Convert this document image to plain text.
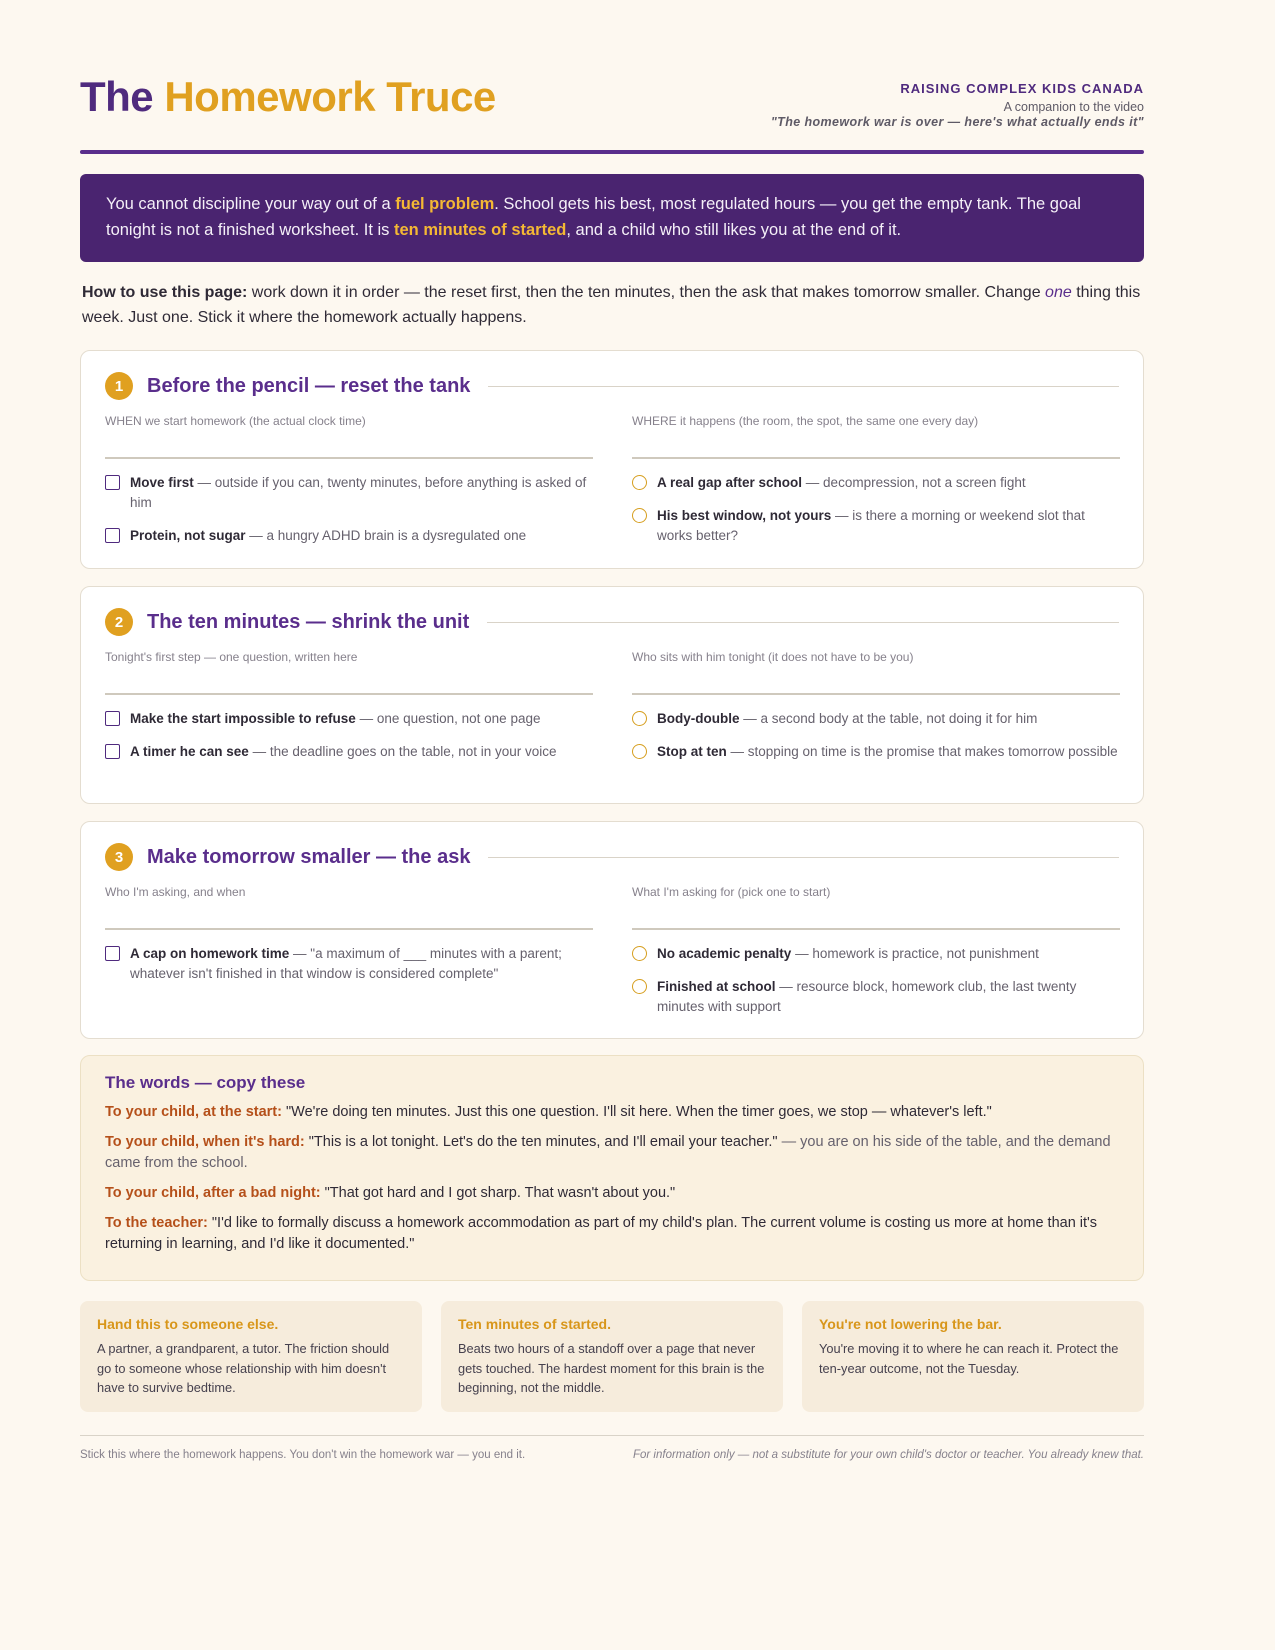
The Homework Truce	RAISING COMPLEX KIDS CANADA
A companion to the video
"The homework war is over — here's what actually ends it"
You cannot discipline your way out of a fuel problem. School gets his best, most regulated hours — you get the empty tank. The goal tonight is not a finished worksheet. It is ten minutes of started, and a child who still likes you at the end of it.
How to use this page: work down it in order — the reset first, then the ten minutes, then the ask that makes tomorrow smaller. Change one thing this week. Just one. Stick it where the homework actually happens.
1	Before the pencil — reset the tank
WHEN we start homework (the actual clock time)
Move first — outside if you can, twenty minutes, before anything is asked of him
Protein, not sugar — a hungry ADHD brain is a dysregulated one
WHERE it happens (the room, the spot, the same one every day)
A real gap after school — decompression, not a screen fight
His best window, not yours — is there a morning or weekend slot that works better?
2	The ten minutes — shrink the unit
Tonight's first step — one question, written here
Make the start impossible to refuse — one question, not one page
A timer he can see — the deadline goes on the table, not in your voice
Who sits with him tonight (it does not have to be you)
Body-double — a second body at the table, not doing it for him
Stop at ten — stopping on time is the promise that makes tomorrow possible
3	Make tomorrow smaller — the ask
Who I'm asking, and when
A cap on homework time — "a maximum of ___ minutes with a parent; whatever isn't finished in that window is considered complete"
What I'm asking for (pick one to start)
No academic penalty — homework is practice, not punishment
Finished at school — resource block, homework club, the last twenty minutes with support
The words — copy these

To your child, at the start: "We're doing ten minutes. Just this one question. I'll sit here. When the timer goes, we stop — whatever's left."

To your child, when it's hard: "This is a lot tonight. Let's do the ten minutes, and I'll email your teacher." — you are on his side of the table, and the demand came from the school.

To your child, after a bad night: "That got hard and I got sharp. That wasn't about you."

To the teacher: "I'd like to formally discuss a homework accommodation as part of my child's plan. The current volume is costing us more at home than it's returning in learning, and I'd like it documented."

Hand this to someone else.

A partner, a grandparent, a tutor. The friction should go to someone whose relationship with him doesn't have to survive bedtime.

Ten minutes of started.

Beats two hours of a standoff over a page that never gets touched. The hardest moment for this brain is the beginning, not the middle.

You're not lowering the bar.

You're moving it to where he can reach it. Protect the ten-year outcome, not the Tuesday.

Stick this where the homework happens. You don't win the homework war — you end it.	For information only — not a substitute for your own child's doctor or teacher. You already knew that.
